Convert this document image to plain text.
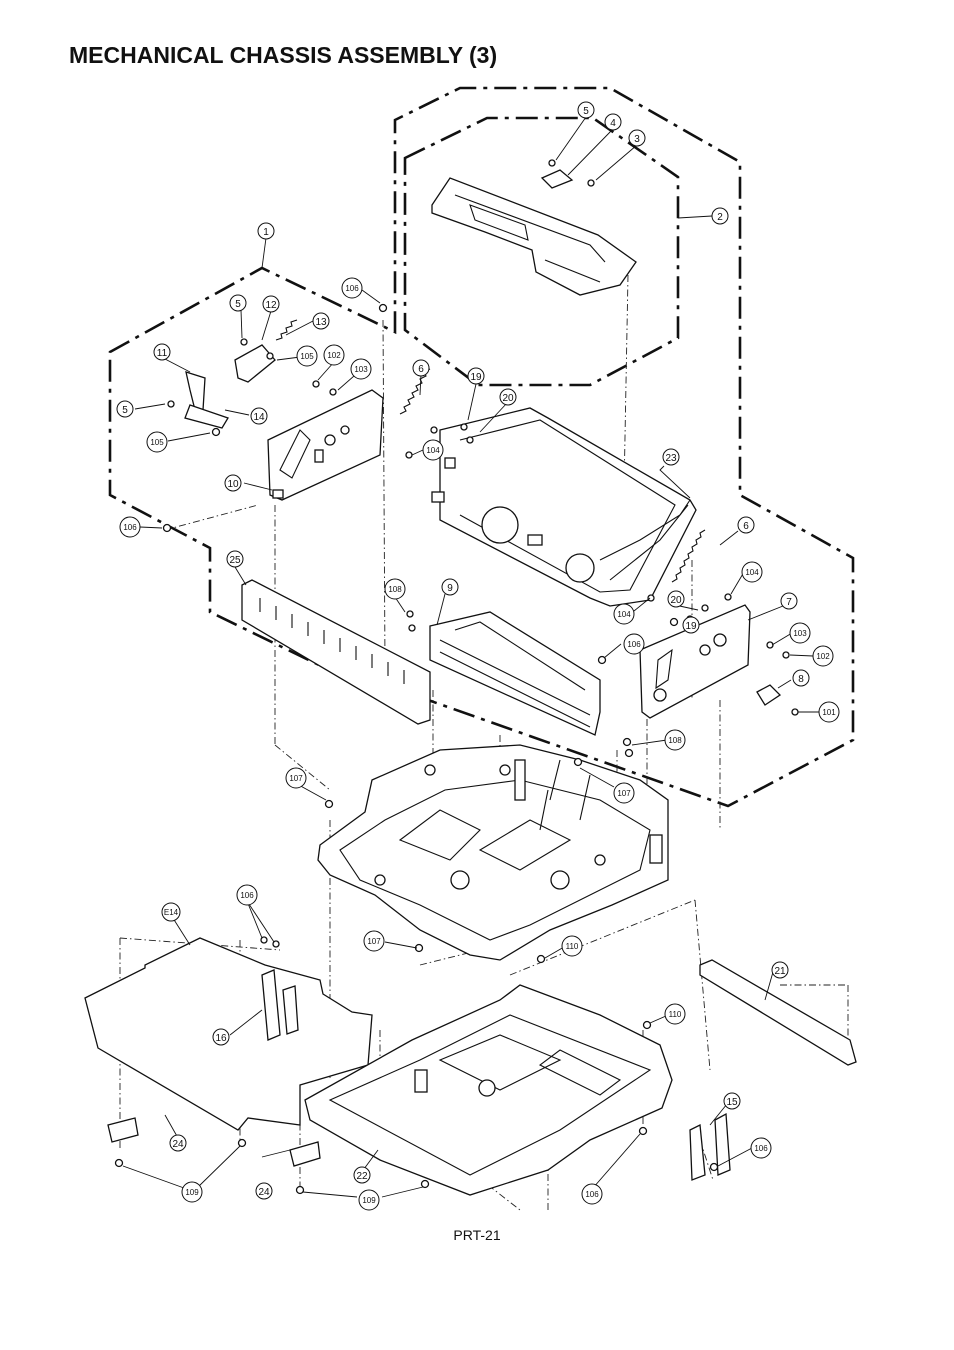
MECHANICAL CHASSIS ASSEMBLY (3)
5
4
3
2
1
106
5 12
13
105 102
103
11
5
14
105
10
106
25
6
19
20
104
23
6
104
108	9
20
104
19
7
106
103
102
8
101
108
107
107
106
E14
107
110
21
110
16
15
106
24
22
24
109
109
106
PRT-21
